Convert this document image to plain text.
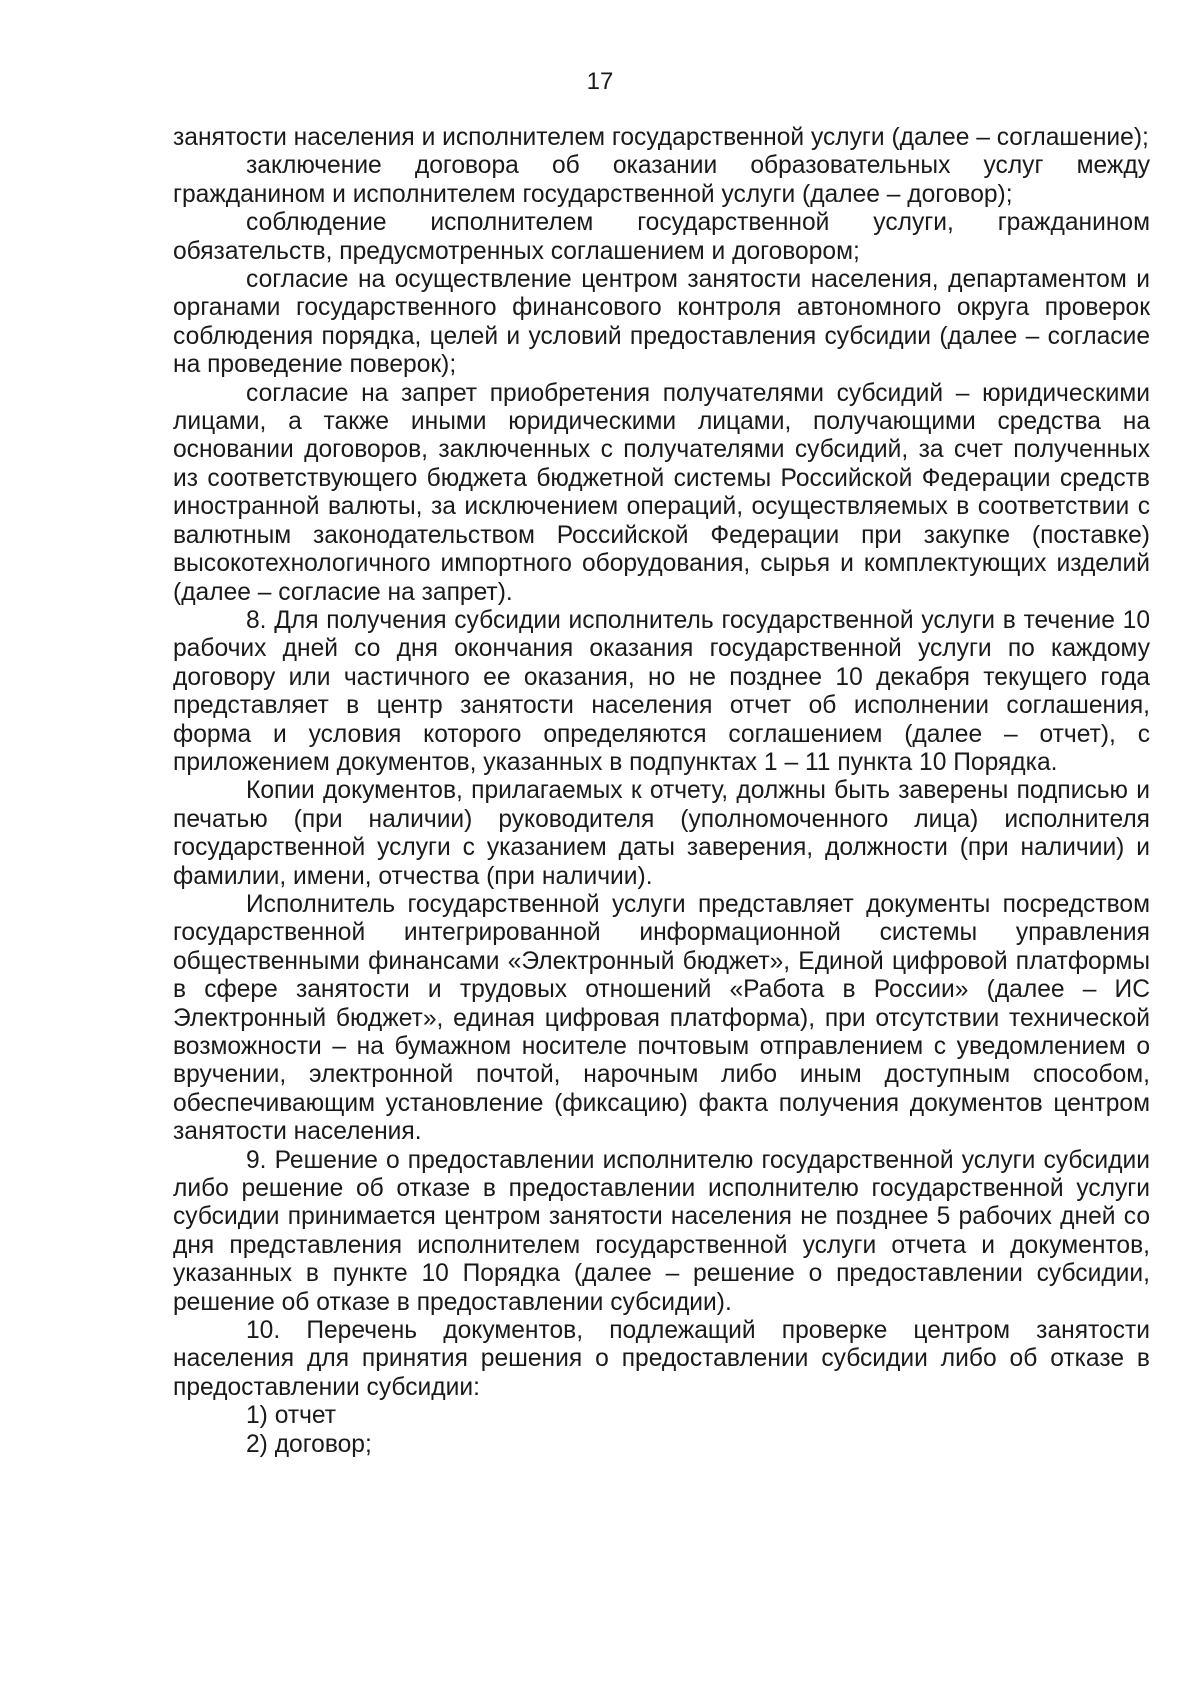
17

занятости населения и исполнителем государственной услуги (далее – соглашение);

заключение договора об оказании образовательных услуг между гражданином и исполнителем государственной услуги (далее – договор);

соблюдение исполнителем государственной услуги, гражданином обязательств, предусмотренных соглашением и договором;

согласие на осуществление центром занятости населения, департаментом и органами государственного финансового контроля автономного округа проверок соблюдения порядка, целей и условий предоставления субсидии (далее – согласие на проведение поверок);

согласие на запрет приобретения получателями субсидий – юридическими лицами, а также иными юридическими лицами, получающими средства на основании договоров, заключенных с получателями субсидий, за счет полученных из соответствующего бюджета бюджетной системы Российской Федерации средств иностранной валюты, за исключением операций, осуществляемых в соответствии с валютным законодательством Российской Федерации при закупке (поставке) высокотехнологичного импортного оборудования, сырья и комплектующих изделий (далее – согласие на запрет).

8. Для получения субсидии исполнитель государственной услуги в течение 10 рабочих дней со дня окончания оказания государственной услуги по каждому договору или частичного ее оказания, но не позднее 10 декабря текущего года представляет в центр занятости населения отчет об исполнении соглашения, форма и условия которого определяются соглашением (далее – отчет), с приложением документов, указанных в подпунктах 1 – 11 пункта 10 Порядка.

Копии документов, прилагаемых к отчету, должны быть заверены подписью и печатью (при наличии) руководителя (уполномоченного лица) исполнителя государственной услуги с указанием даты заверения, должности (при наличии) и фамилии, имени, отчества (при наличии).

Исполнитель государственной услуги представляет документы посредством государственной интегрированной информационной системы управления общественными финансами «Электронный бюджет», Единой цифровой платформы в сфере занятости и трудовых отношений «Работа в России» (далее – ИС Электронный бюджет», единая цифровая платформа), при отсутствии технической возможности – на бумажном носителе почтовым отправлением с уведомлением о вручении, электронной почтой, нарочным либо иным доступным способом, обеспечивающим установление (фиксацию) факта получения документов центром занятости населения.

9. Решение о предоставлении исполнителю государственной услуги субсидии либо решение об отказе в предоставлении исполнителю государственной услуги субсидии принимается центром занятости населения не позднее 5 рабочих дней со дня представления исполнителем государственной услуги отчета и документов, указанных в пункте 10 Порядка (далее – решение о предоставлении субсидии, решение об отказе в предоставлении субсидии).

10. Перечень документов, подлежащий проверке центром занятости населения для принятия решения о предоставлении субсидии либо об отказе в предоставлении субсидии:

1) отчет

2) договор;
